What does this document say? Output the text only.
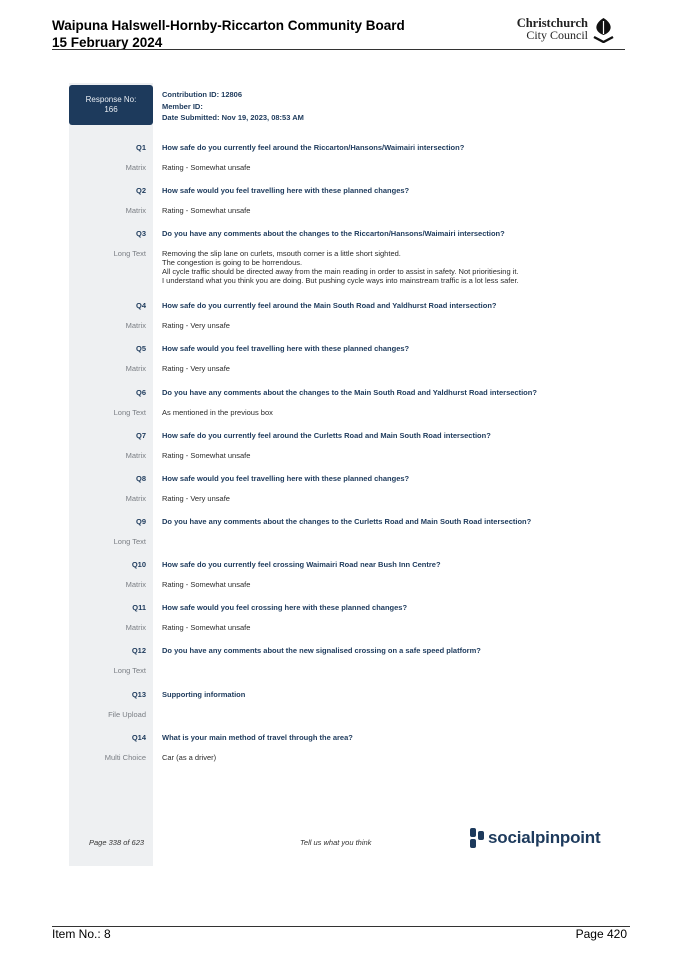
Waipuna Halswell-Hornby-Riccarton Community Board
15 February 2024
Christchurch
City Council
Response No:
166
Contribution ID: 12806
Member ID:
Date Submitted: Nov 19, 2023, 08:53 AM
Q1 How safe do you currently feel around the Riccarton/Hansons/Waimairi intersection?
Matrix Rating - Somewhat unsafe
Q2 How safe would you feel travelling here with these planned changes?
Matrix Rating - Somewhat unsafe
Q3 Do you have any comments about the changes to the Riccarton/Hansons/Waimairi intersection?
Long Text Removing the slip lane on curlets, msouth corner is a little short sighted.
The congestion is going to be horrendous.
All cycle traffic should be directed away from the main reading in order to assist in safety. Not prioritiesing it.
I understand what you think you are doing. But pushing cycle ways into mainstream traffic is a lot less safer.
Q4 How safe do you currently feel around the Main South Road and Yaldhurst Road intersection?
Matrix Rating - Very unsafe
Q5 How safe would you feel travelling here with these planned changes?
Matrix Rating - Very unsafe
Q6 Do you have any comments about the changes to the Main South Road and Yaldhurst Road intersection?
Long Text As mentioned in the previous box
Q7 How safe do you currently feel around the Curletts Road and Main South Road intersection?
Matrix Rating - Somewhat unsafe
Q8 How safe would you feel travelling here with these planned changes?
Matrix Rating - Very unsafe
Q9 Do you have any comments about the changes to the Curletts Road and Main South Road intersection?
Long Text
Q10 How safe do you currently feel crossing Waimairi Road near Bush Inn Centre?
Matrix Rating - Somewhat unsafe
Q11 How safe would you feel crossing here with these planned changes?
Matrix Rating - Somewhat unsafe
Q12 Do you have any comments about the new signalised crossing on a safe speed platform?
Long Text
Q13 Supporting information
File Upload
Q14 What is your main method of travel through the area?
Multi Choice Car (as a driver)
Page 338 of 623	Tell us what you think	socialpinpoint
Item No.: 8	Page 420
